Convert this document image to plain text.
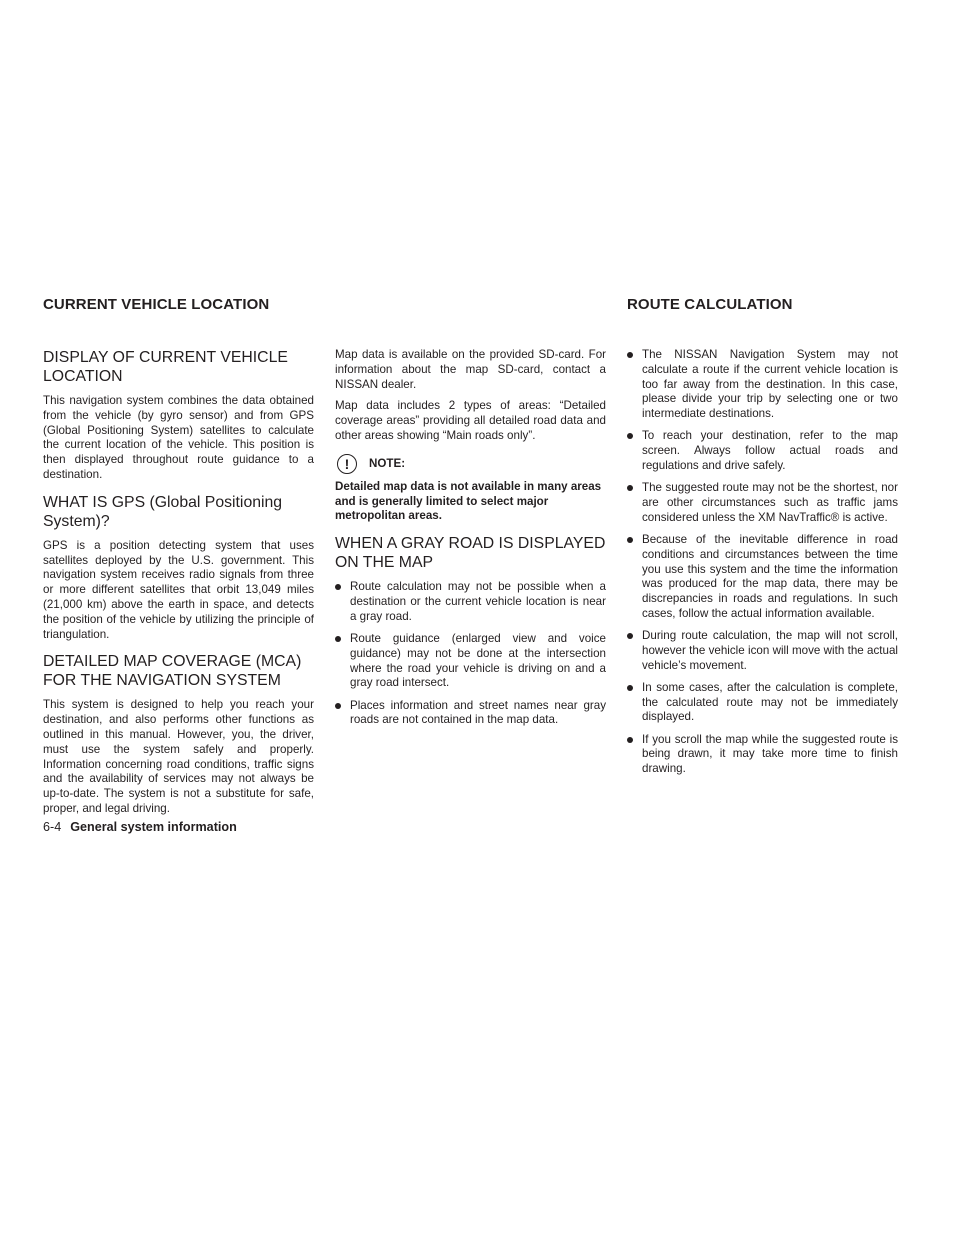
CURRENT VEHICLE LOCATION	ROUTE CALCULATION
DISPLAY OF CURRENT VEHICLE LOCATION

This navigation system combines the data obtained from the vehicle (by gyro sensor) and from GPS (Global Positioning System) satellites to calculate the current location of the vehicle. This position is then displayed throughout route guidance to a destination.

WHAT IS GPS (Global Positioning System)?

GPS is a position detecting system that uses satellites deployed by the U.S. government. This navigation system receives radio signals from three or more different satellites that orbit 13,049 miles (21,000 km) above the earth in space, and detects the position of the vehicle by utilizing the principle of triangulation.

DETAILED MAP COVERAGE (MCA) FOR THE NAVIGATION SYSTEM

This system is designed to help you reach your destination, and also performs other functions as outlined in this manual. However, you, the driver, must use the system safely and properly. Information concerning road conditions, traffic signs and the availability of services may not always be up-to-date. The system is not a substitute for safe, proper, and legal driving.

Map data is available on the provided SD-card. For information about the map SD-card, contact a NISSAN dealer.

Map data includes 2 types of areas: “Detailed coverage areas” providing all detailed road data and other areas showing “Main roads only”.

!	NOTE:
Detailed map data is not available in many areas and is generally limited to select major metropolitan areas.
WHEN A GRAY ROAD IS DISPLAYED ON THE MAP
Route calculation may not be possible when a destination or the current vehicle location is near a gray road.
Route guidance (enlarged view and voice guidance) may not be done at the intersection where the road your vehicle is driving on and a gray road intersect.
Places information and street names near gray roads are not contained in the map data.
The NISSAN Navigation System may not calculate a route if the current vehicle location is too far away from the destination. In this case, please divide your trip by selecting one or two intermediate destinations.
To reach your destination, refer to the map screen. Always follow actual roads and regulations and drive safely.
The suggested route may not be the shortest, nor are other circumstances such as traffic jams considered unless the XM NavTraffic® is active.
Because of the inevitable difference in road conditions and circumstances between the time you use this system and the time the information was produced for the map data, there may be discrepancies in roads and regulations. In such cases, follow the actual information available.
During route calculation, the map will not scroll, however the vehicle icon will move with the actual vehicle’s movement.
In some cases, after the calculation is complete, the calculated route may not be immediately displayed.
If you scroll the map while the suggested route is being drawn, it may take more time to finish drawing.
6-4 General system information
